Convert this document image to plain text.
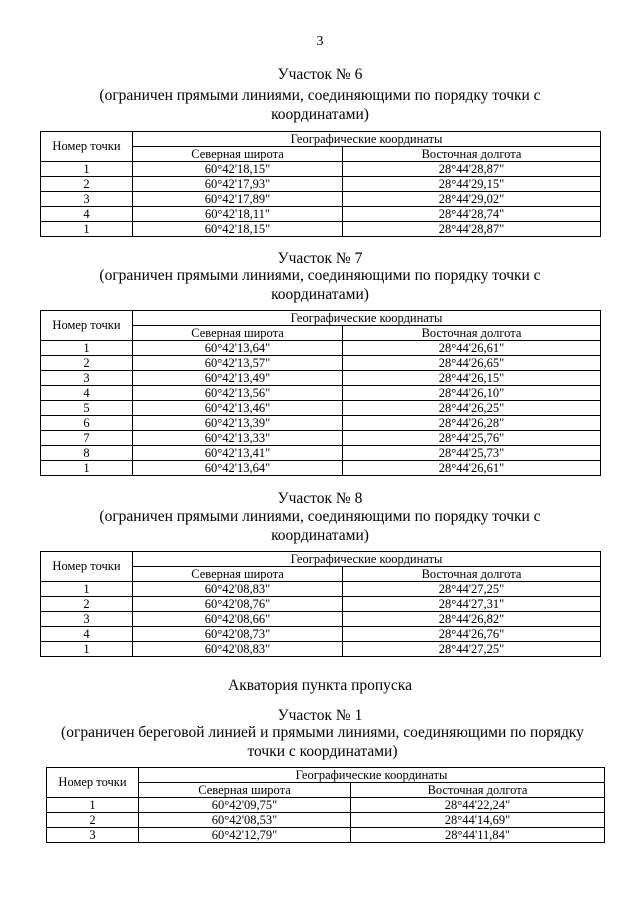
3
Участок № 6
(ограничен прямыми линиями, соединяющими по порядку точки с координатами)
Номер точки	Географические координаты	
	Северная широта	Восточная долгота
1	60°42'18,15"	28°44'28,87"
2	60°42'17,93"	28°44'29,15"
3	60°42'17,89"	28°44'29,02"
4	60°42'18,11"	28°44'28,74"
1	60°42'18,15"	28°44'28,87"
Участок № 7
(ограничен прямыми линиями, соединяющими по порядку точки с координатами)
Номер точки	Географические координаты	
	Северная широта	Восточная долгота
1	60°42'13,64"	28°44'26,61"
2	60°42'13,57"	28°44'26,65"
3	60°42'13,49"	28°44'26,15"
4	60°42'13,56"	28°44'26,10"
5	60°42'13,46"	28°44'26,25"
6	60°42'13,39"	28°44'26,28"
7	60°42'13,33"	28°44'25,76"
8	60°42'13,41"	28°44'25,73"
1	60°42'13,64"	28°44'26,61"
Участок № 8
(ограничен прямыми линиями, соединяющими по порядку точки с координатами)
Номер точки	Географические координаты	
	Северная широта	Восточная долгота
1	60°42'08,83"	28°44'27,25"
2	60°42'08,76"	28°44'27,31"
3	60°42'08,66"	28°44'26,82"
4	60°42'08,73"	28°44'26,76"
1	60°42'08,83"	28°44'27,25"
Акватория пункта пропуска
Участок № 1
(ограничен береговой линией и прямыми линиями, соединяющими по порядку точки с координатами)
Номер точки	Географические координаты	
	Северная широта	Восточная долгота
1	60°42'09,75"	28°44'22,24"
2	60°42'08,53"	28°44'14,69"
3	60°42'12,79"	28°44'11,84"
